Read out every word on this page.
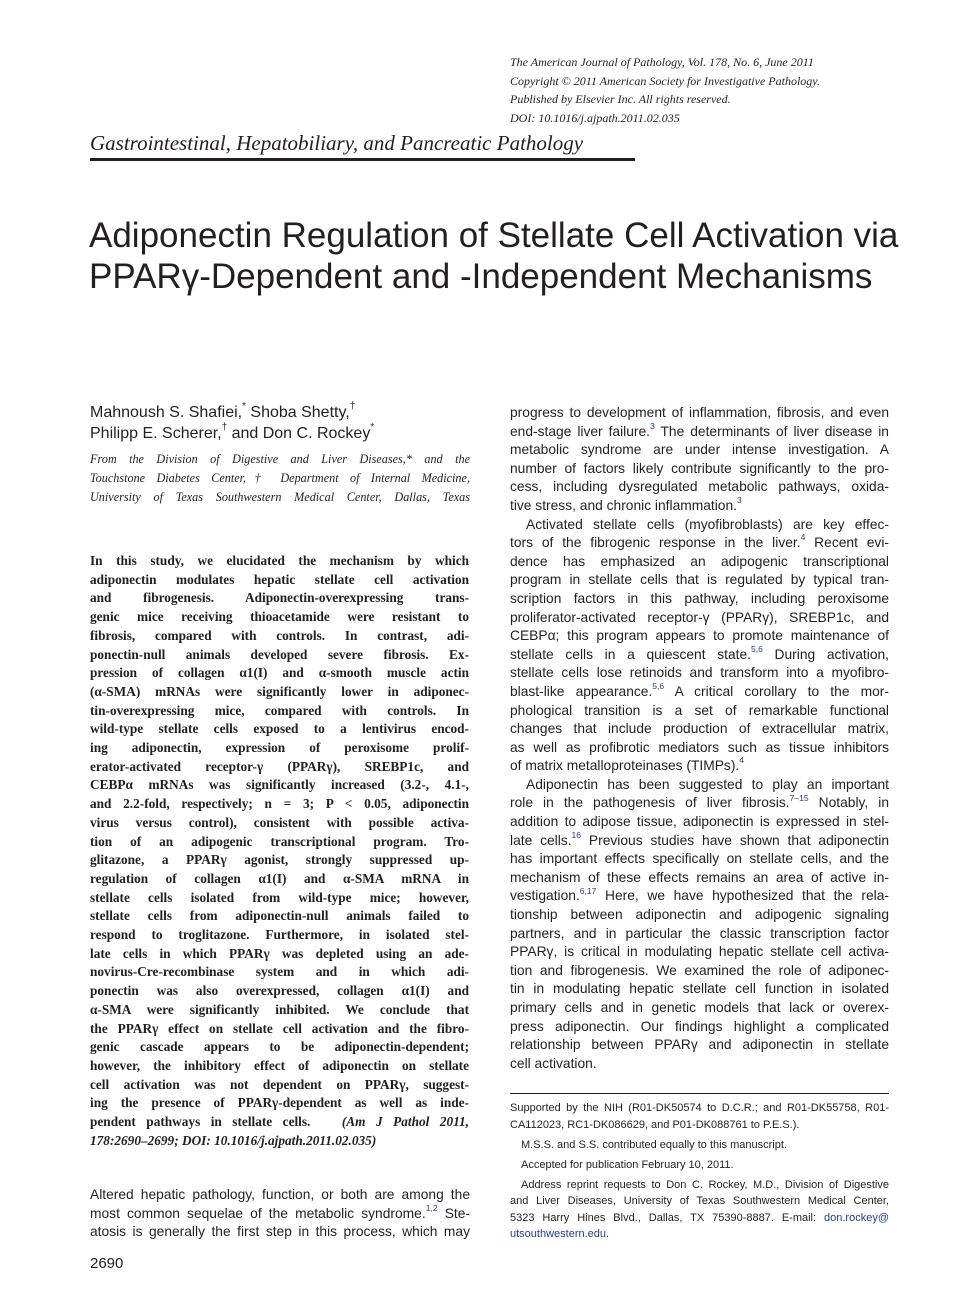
The American Journal of Pathology, Vol. 178, No. 6, June 2011
Copyright © 2011 American Society for Investigative Pathology.
Published by Elsevier Inc. All rights reserved.
DOI: 10.1016/j.ajpath.2011.02.035
Gastrointestinal, Hepatobiliary, and Pancreatic Pathology
Adiponectin Regulation of Stellate Cell Activation via
PPARγ-Dependent and -Independent Mechanisms
Mahnoush S. Shafiei,* Shoba Shetty,†
Philipp E. Scherer,† and Don C. Rockey*
From the Division of Digestive and Liver Diseases,* and the
Touchstone Diabetes Center,† Department of Internal Medicine,
University of Texas Southwestern Medical Center, Dallas, Texas
In this study, we elucidated the mechanism by which
adiponectin modulates hepatic stellate cell activation
and fibrogenesis. Adiponectin-overexpressing trans-
genic mice receiving thioacetamide were resistant to
fibrosis, compared with controls. In contrast, adi-
ponectin-null animals developed severe fibrosis. Ex-
pression of collagen α1(I) and α-smooth muscle actin
(α-SMA) mRNAs were significantly lower in adiponec-
tin-overexpressing mice, compared with controls. In
wild-type stellate cells exposed to a lentivirus encod-
ing adiponectin, expression of peroxisome prolif-
erator-activated receptor-γ (PPARγ), SREBP1c, and
CEBPα mRNAs was significantly increased (3.2-, 4.1-,
and 2.2-fold, respectively; n = 3; P < 0.05, adiponectin
virus versus control), consistent with possible activa-
tion of an adipogenic transcriptional program. Tro-
glitazone, a PPARγ agonist, strongly suppressed up-
regulation of collagen α1(I) and α-SMA mRNA in
stellate cells isolated from wild-type mice; however,
stellate cells from adiponectin-null animals failed to
respond to troglitazone. Furthermore, in isolated stel-
late cells in which PPARγ was depleted using an ade-
novirus-Cre-recombinase system and in which adi-
ponectin was also overexpressed, collagen α1(I) and
α-SMA were significantly inhibited. We conclude that
the PPARγ effect on stellate cell activation and the fibro-
genic cascade appears to be adiponectin-dependent;
however, the inhibitory effect of adiponectin on stellate
cell activation was not dependent on PPARγ, suggest-
ing the presence of PPARγ-dependent as well as inde-
pendent pathways in stellate cells. (Am J Pathol 2011,
178:2690–2699; DOI: 10.1016/j.ajpath.2011.02.035)
Altered hepatic pathology, function, or both are among the
most common sequelae of the metabolic syndrome.$^{1,2}$ Ste-
atosis is generally the first step in this process, which may
progress to development of inflammation, fibrosis, and even
end-stage liver failure.$^3$ The determinants of liver disease in
metabolic syndrome are under intense investigation. A
number of factors likely contribute significantly to the pro-
cess, including dysregulated metabolic pathways, oxida-
tive stress, and chronic inflammation.$^3$
Activated stellate cells (myofibroblasts) are key effec-
tors of the fibrogenic response in the liver.$^4$ Recent evi-
dence has emphasized an adipogenic transcriptional
program in stellate cells that is regulated by typical tran-
scription factors in this pathway, including peroxisome
proliferator-activated receptor-γ (PPARγ), SREBP1c, and
CEBPα; this program appears to promote maintenance of
stellate cells in a quiescent state.$^{5,6}$ During activation,
stellate cells lose retinoids and transform into a myofibro-
blast-like appearance.$^{5,6}$ A critical corollary to the mor-
phological transition is a set of remarkable functional
changes that include production of extracellular matrix,
as well as profibrotic mediators such as tissue inhibitors
of matrix metalloproteinases (TIMPs).$^4$
Adiponectin has been suggested to play an important
role in the pathogenesis of liver fibrosis.$^{7-15}$ Notably, in
addition to adipose tissue, adiponectin is expressed in stel-
late cells.$^{16}$ Previous studies have shown that adiponectin
has important effects specifically on stellate cells, and the
mechanism of these effects remains an area of active in-
vestigation.$^{6,17}$ Here, we have hypothesized that the rela-
tionship between adiponectin and adipogenic signaling
partners, and in particular the classic transcription factor
PPARγ, is critical in modulating hepatic stellate cell activa-
tion and fibrogenesis. We examined the role of adiponec-
tin in modulating hepatic stellate cell function in isolated
primary cells and in genetic models that lack or overex-
press adiponectin. Our findings highlight a complicated
relationship between PPARγ and adiponectin in stellate
cell activation.
Supported by the NIH (R01-DK50574 to D.C.R.; and R01-DK55758, R01-
CA112023, RC1-DK086629, and P01-DK088761 to P.E.S.).
M.S.S. and S.S. contributed equally to this manuscript.
Accepted for publication February 10, 2011.
Address reprint requests to Don C. Rockey, M.D., Division of Digestive
and Liver Diseases, University of Texas Southwestern Medical Center,
5323 Harry Hines Blvd., Dallas, TX 75390-8887. E-mail: don.rockey@
utsouthwestern.edu.
2690
